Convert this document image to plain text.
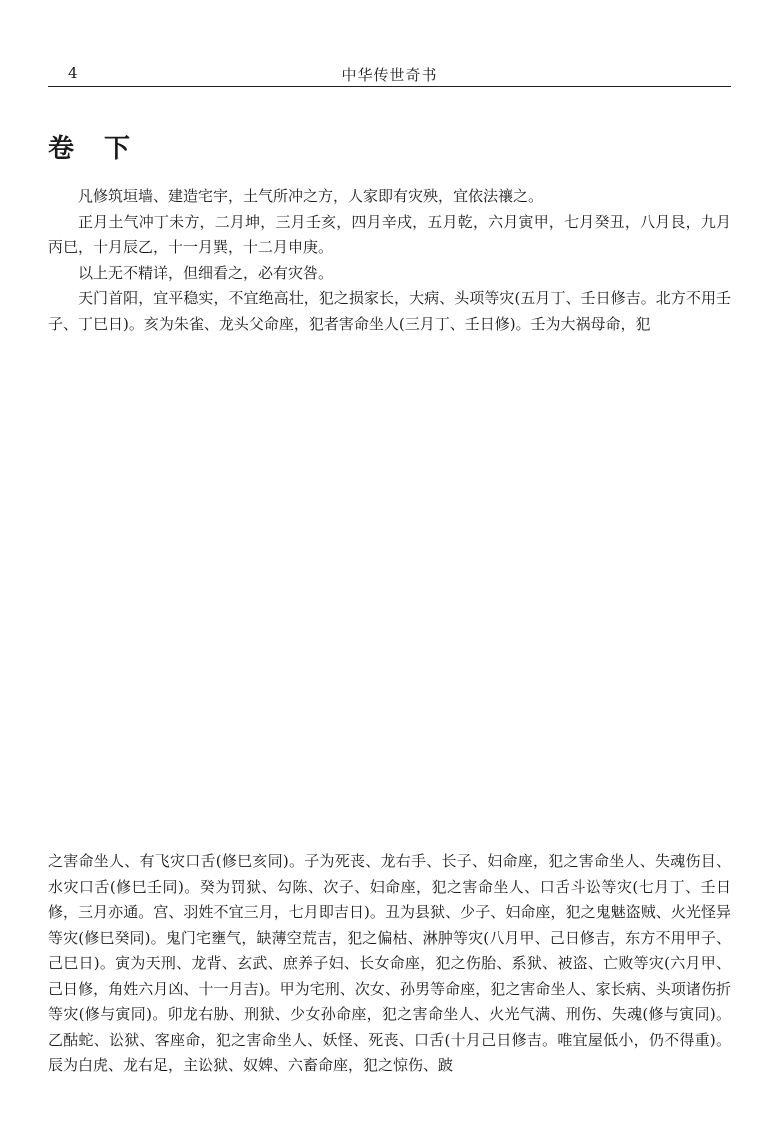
4	中华传世奇书
卷下

凡修筑垣墙、建造宅宇，土气所冲之方，人家即有灾殃，宜依法禳之。

正月土气冲丁未方，二月坤，三月壬亥，四月辛戌，五月乾，六月寅甲，七月癸丑，八月艮，九月丙巳，十月辰乙，十一月巽，十二月申庚。

以上无不精详，但细看之，必有灾咎。

天门首阳，宜平稳实，不宜绝高壮，犯之损家长，大病、头项等灾(五月丁、壬日修吉。北方不用壬子、丁巳日)。亥为朱雀、龙头父命座，犯者害命坐人(三月丁、壬日修)。壬为大祸母命，犯

之害命坐人、有飞灾口舌(修巳亥同)。子为死丧、龙右手、长子、妇命座，犯之害命坐人、失魂伤目、水灾口舌(修巳壬同)。癸为罚狱、勾陈、次子、妇命座，犯之害命坐人、口舌斗讼等灾(七月丁、壬日修，三月亦通。宫、羽姓不宜三月，七月即吉日)。丑为县狱、少子、妇命座，犯之鬼魅盗贼、火光怪异等灾(修巳癸同)。鬼门宅壅气，缺薄空荒吉，犯之偏枯、淋肿等灾(八月甲、己日修吉，东方不用甲子、己巳日)。寅为天刑、龙背、玄武、庶养子妇、长女命座，犯之伤胎、系狱、被盗、亡败等灾(六月甲、己日修，角姓六月凶、十一月吉)。甲为宅刑、次女、孙男等命座，犯之害命坐人、家长病、头项诸伤折等灾(修与寅同)。卯龙右胁、刑狱、少女孙命座，犯之害命坐人、火光气满、刑伤、失魂(修与寅同)。乙酤蛇、讼狱、客座命，犯之害命坐人、妖怪、死丧、口舌(十月己日修吉。唯宜屋低小，仍不得重)。辰为白虎、龙右足，主讼狱、奴婢、六畜命座，犯之惊伤、跛
